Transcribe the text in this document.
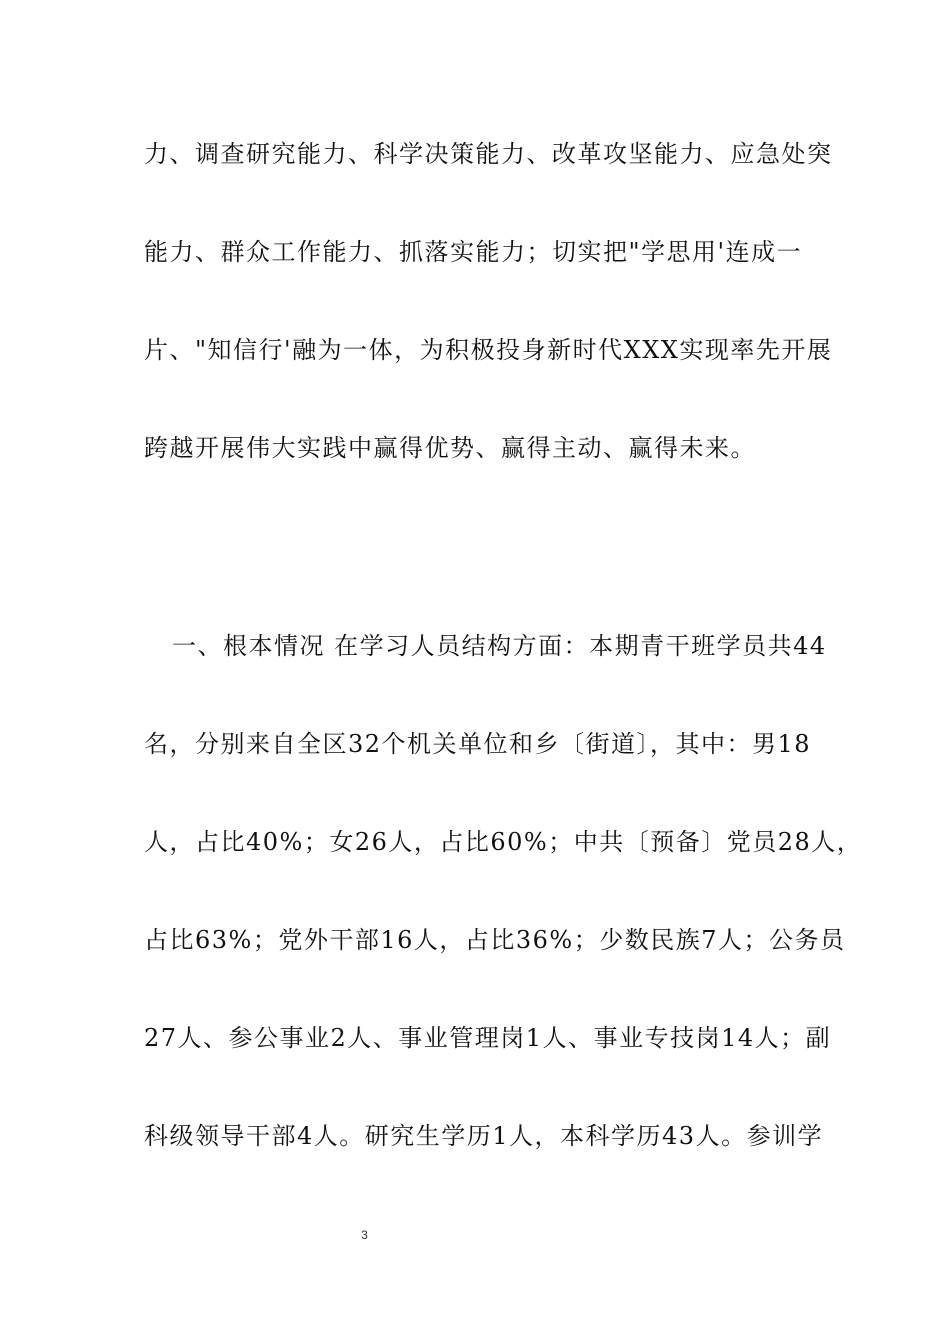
力、调查研究能力、科学决策能力、改革攻坚能力、应急处突
能力、群众工作能力、抓落实能力；切实把"学思用'连成一
片、"知信行'融为一体，为积极投身新时代XXX实现率先开展
跨越开展伟大实践中赢得优势、赢得主动、赢得未来。
一、根本情况 在学习人员结构方面：本期青干班学员共44
名，分别来自全区32个机关单位和乡〔街道〕，其中：男18
人，占比40%；女26人，占比60%；中共〔预备〕党员28人，
占比63%；党外干部16人，占比36%；少数民族7人；公务员
27人、参公事业2人、事业管理岗1人、事业专技岗14人；副
科级领导干部4人。研究生学历1人，本科学历43人。参训学
3
